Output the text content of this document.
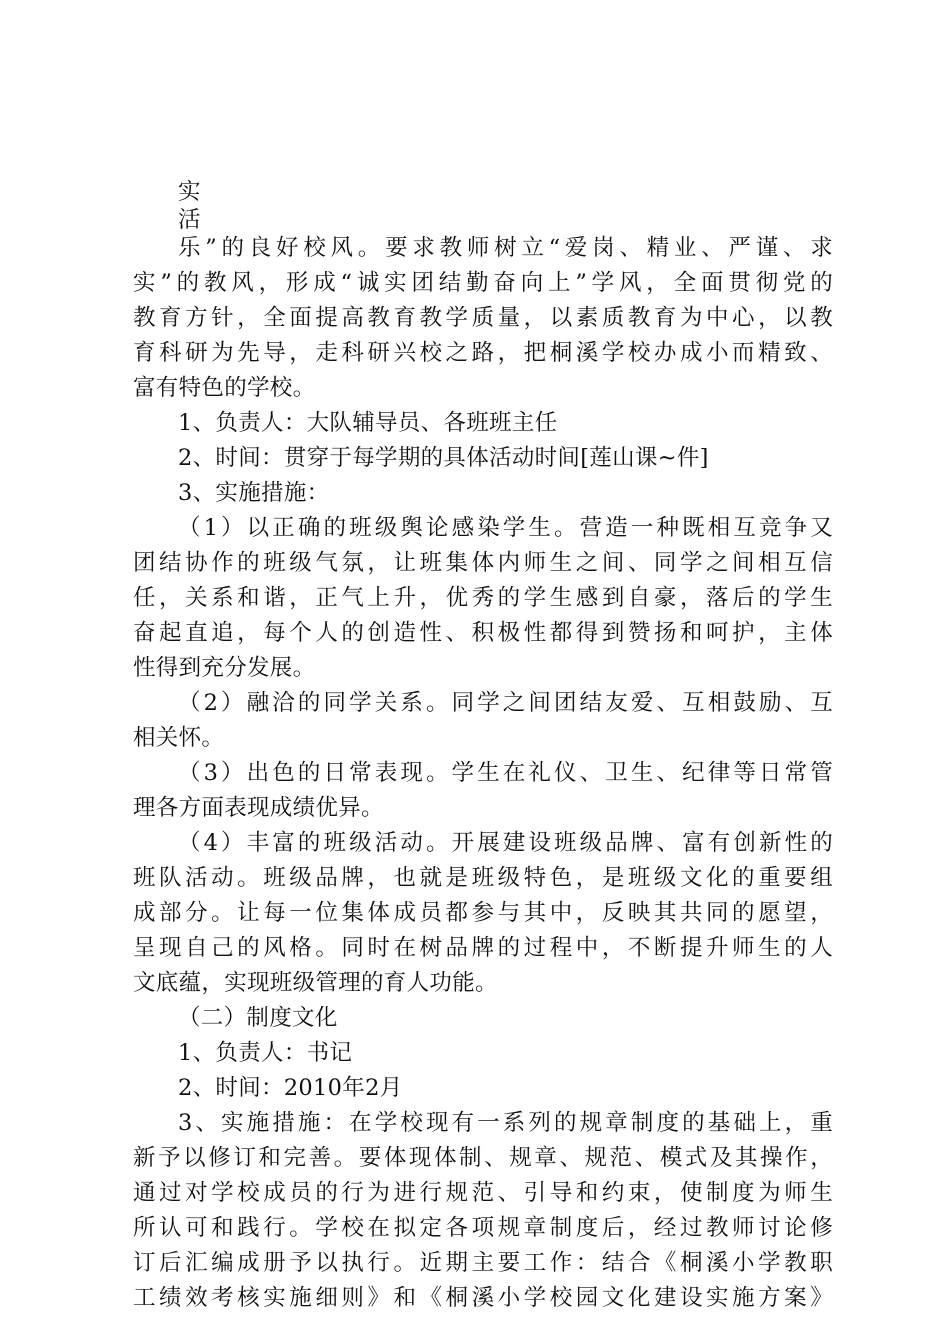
实
活
乐”的良好校风。要求教师树立“爱岗、精业、严谨、求
实”的教风，形成“诚实团结勤奋向上”学风，全面贯彻党的
教育方针，全面提高教育教学质量，以素质教育为中心，以教
育科研为先导，走科研兴校之路，把桐溪学校办成小而精致、
富有特色的学校。
1、负责人：大队辅导员、各班班主任
2、时间：贯穿于每学期的具体活动时间[莲山课~件]
3、实施措施：
（1）以正确的班级舆论感染学生。营造一种既相互竞争又
团结协作的班级气氛，让班集体内师生之间、同学之间相互信
任，关系和谐，正气上升，优秀的学生感到自豪，落后的学生
奋起直追，每个人的创造性、积极性都得到赞扬和呵护，主体
性得到充分发展。
（2）融洽的同学关系。同学之间团结友爱、互相鼓励、互
相关怀。
（3）出色的日常表现。学生在礼仪、卫生、纪律等日常管
理各方面表现成绩优异。
（4）丰富的班级活动。开展建设班级品牌、富有创新性的
班队活动。班级品牌，也就是班级特色，是班级文化的重要组
成部分。让每一位集体成员都参与其中，反映其共同的愿望，
呈现自己的风格。同时在树品牌的过程中，不断提升师生的人
文底蕴，实现班级管理的育人功能。
（二）制度文化
1、负责人：书记
2、时间：2010年2月
3、实施措施：在学校现有一系列的规章制度的基础上，重
新予以修订和完善。要体现体制、规章、规范、模式及其操作，
通过对学校成员的行为进行规范、引导和约束，使制度为师生
所认可和践行。学校在拟定各项规章制度后，经过教师讨论修
订后汇编成册予以执行。近期主要工作：结合《桐溪小学教职
工绩效考核实施细则》和《桐溪小学校园文化建设实施方案》
